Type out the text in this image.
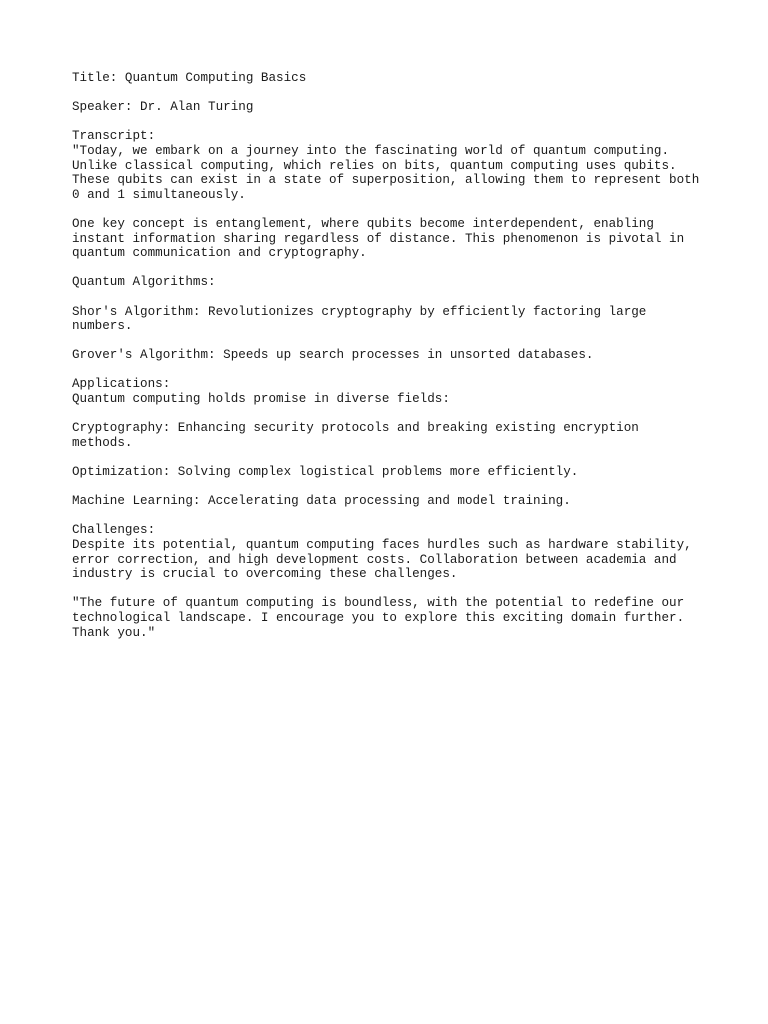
Title: Quantum Computing Basics

Speaker: Dr. Alan Turing

Transcript:

"Today, we embark on a journey into the fascinating world of quantum computing.

Unlike classical computing, which relies on bits, quantum computing uses qubits.

These qubits can exist in a state of superposition, allowing them to represent both

0 and 1 simultaneously.

One key concept is entanglement, where qubits become interdependent, enabling

instant information sharing regardless of distance. This phenomenon is pivotal in

quantum communication and cryptography.

Quantum Algorithms:

Shor's Algorithm: Revolutionizes cryptography by efficiently factoring large

numbers.

Grover's Algorithm: Speeds up search processes in unsorted databases.

Applications:

Quantum computing holds promise in diverse fields:

Cryptography: Enhancing security protocols and breaking existing encryption

methods.

Optimization: Solving complex logistical problems more efficiently.

Machine Learning: Accelerating data processing and model training.

Challenges:

Despite its potential, quantum computing faces hurdles such as hardware stability,

error correction, and high development costs. Collaboration between academia and

industry is crucial to overcoming these challenges.

"The future of quantum computing is boundless, with the potential to redefine our

technological landscape. I encourage you to explore this exciting domain further.

Thank you."
